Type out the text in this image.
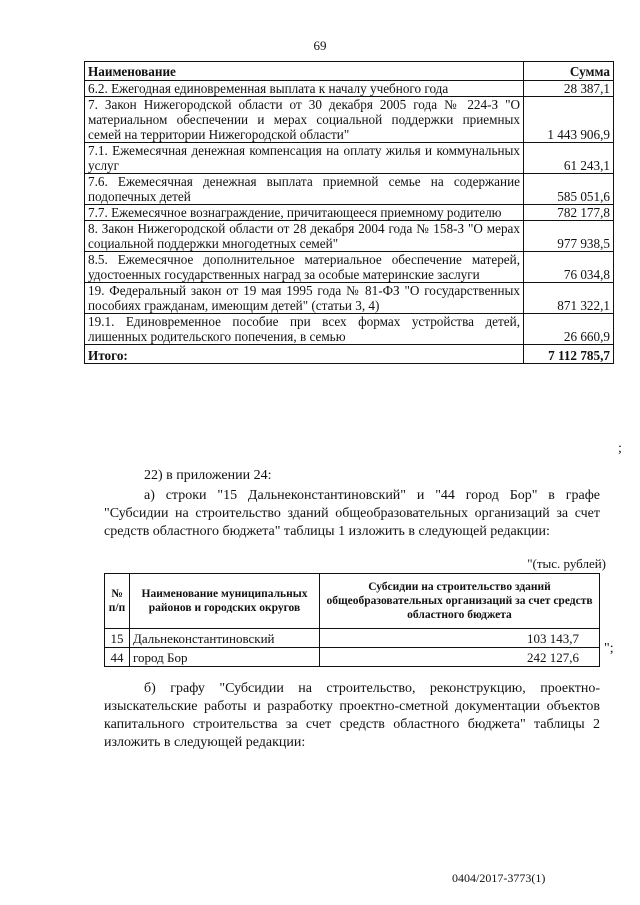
69
Наименование	Сумма
6.2. Ежегодная единовременная выплата к началу учебного года	28 387,1
7. Закон Нижегородской области от 30 декабря 2005 года № 224-З "О материальном обеспечении и мерах социальной поддержки приемных семей на территории Нижегородской области"	1 443 906,9
7.1. Ежемесячная денежная компенсация на оплату жилья и коммунальных услуг	61 243,1
7.6. Ежемесячная денежная выплата приемной семье на содержание подопечных детей	585 051,6
7.7. Ежемесячное вознаграждение, причитающееся приемному родителю	782 177,8
8. Закон Нижегородской области от 28 декабря 2004 года № 158-З "О мерах социальной поддержки многодетных семей"	977 938,5
8.5. Ежемесячное дополнительное материальное обеспечение матерей, удостоенных государственных наград за особые материнские заслуги	76 034,8
19. Федеральный закон от 19 мая 1995 года № 81-ФЗ "О государственных пособиях гражданам, имеющим детей" (статьи 3, 4)	871 322,1
19.1. Единовременное пособие при всех формах устройства детей, лишенных родительского попечения, в семью	26 660,9
Итого:	7 112 785,7
;
22) в приложении 24:
а) строки "15 Дальнеконстантиновский" и "44 город Бор" в графе "Субсидии на строительство зданий общеобразовательных организаций за счет средств областного бюджета" таблицы 1 изложить в следующей редакции:
"(тыс. рублей)
№ п/п	Наименование муниципальных районов и городских округов	Субсидии на строительство зданий общеобразовательных организаций за счет средств областного бюджета
15	Дальнеконстантиновский	103 143,7
44	город Бор	242 127,6
";
б) графу "Субсидии на строительство, реконструкцию, проектно-изыскательские работы и разработку проектно-сметной документации объектов капитального строительства за счет средств областного бюджета" таблицы 2 изложить в следующей редакции:
0404/2017-3773(1)
